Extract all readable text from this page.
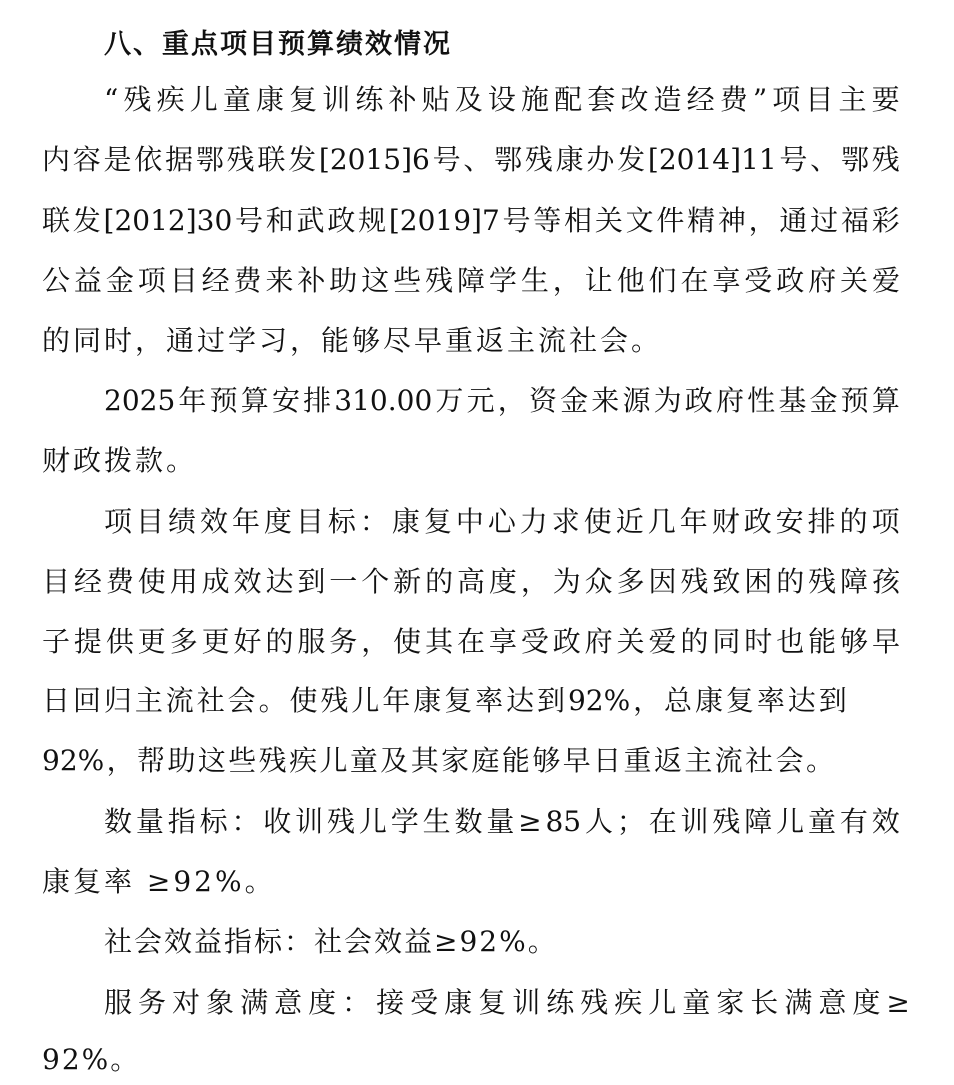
八、重点项目预算绩效情况
“ 残 疾 儿 童 康 复 训 练 补 贴 及 设 施 配 套 改 造 经 费 ” 项 目 主 要
内 容 是 依 据 鄂 残 联 发 [2015]6 号 、 鄂 残 康 办 发 [2014]11 号 、 鄂 残
联 发 [2012]30 号 和 武 政 规 [2019]7 号 等 相 关 文 件 精 神 ， 通 过 福 彩
公 益 金 项 目 经 费 来 补 助 这 些 残 障 学 生 ， 让 他 们 在 享 受 政 府 关 爱
的同时，通过学习，能够尽早重返主流社会。
2025 年 预 算 安 排 310.00 万 元 ， 资 金 来 源 为 政 府 性 基 金 预 算
财政拨款。
项 目 绩 效 年 度 目 标 ： 康 复 中 心 力 求 使 近 几 年 财 政 安 排 的 项
目 经 费 使 用 成 效 达 到 一 个 新 的 高 度 ， 为 众 多 因 残 致 困 的 残 障 孩
子 提 供 更 多 更 好 的 服 务 ， 使 其 在 享 受 政 府 关 爱 的 同 时 也 能 够 早
日 回 归 主 流 社 会 。 使 残 儿 年 康 复 率 达 到 92% ， 总 康 复 率 达 到
92% ， 帮 助 这 些 残 疾 儿 童 及 其 家 庭 能 够 早 日 重 返 主 流 社 会 。
数 量 指 标 ： 收 训 残 儿 学 生 数 量 ≥ 85 人 ； 在 训 残 障 儿 童 有 效
康复率 ≥92%。
社会效益指标：社会效益≥92%。
服 务 对 象 满 意 度 ： 接 受 康 复 训 练 残 疾 儿 童 家 长 满 意 度 ≥
92%。
